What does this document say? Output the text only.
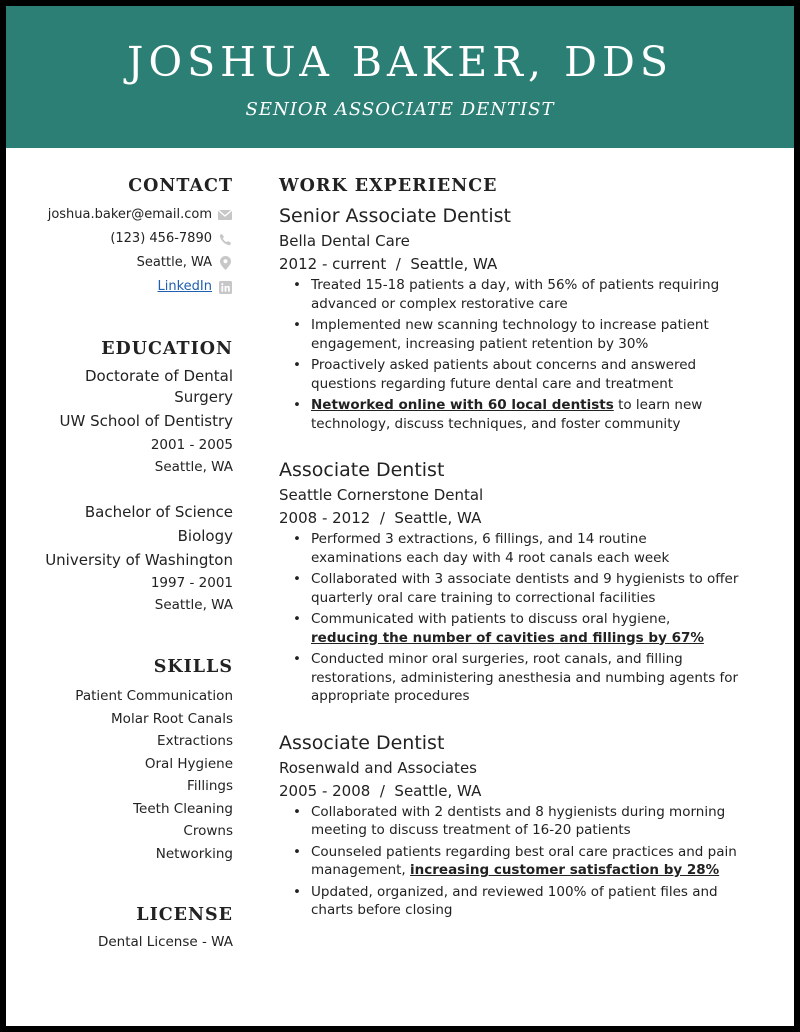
JOSHUA BAKER, DDS
SENIOR ASSOCIATE DENTIST
CONTACT
joshua.baker@email.com
(123) 456-7890
Seattle, WA
LinkedIn
EDUCATION
Doctorate of Dental
Surgery
UW School of Dentistry
2001 - 2005
Seattle, WA
Bachelor of Science
Biology
University of Washington
1997 - 2001
Seattle, WA
SKILLS
Patient Communication
Molar Root Canals
Extractions
Oral Hygiene
Fillings
Teeth Cleaning
Crowns
Networking
LICENSE
Dental License - WA
WORK EXPERIENCE
Senior Associate Dentist
Bella Dental Care
2012 - current  /  Seattle, WA
• Treated 15-18 patients a day, with 56% of patients requiring advanced or complex restorative care
• Implemented new scanning technology to increase patient engagement, increasing patient retention by 30%
• Proactively asked patients about concerns and answered questions regarding future dental care and treatment
• Networked online with 60 local dentists to learn new technology, discuss techniques, and foster community
Associate Dentist
Seattle Cornerstone Dental
2008 - 2012  /  Seattle, WA
• Performed 3 extractions, 6 fillings, and 14 routine examinations each day with 4 root canals each week
• Collaborated with 3 associate dentists and 9 hygienists to offer quarterly oral care training to correctional facilities
• Communicated with patients to discuss oral hygiene, reducing the number of cavities and fillings by 67%
• Conducted minor oral surgeries, root canals, and filling restorations, administering anesthesia and numbing agents for appropriate procedures
Associate Dentist
Rosenwald and Associates
2005 - 2008  /  Seattle, WA
• Collaborated with 2 dentists and 8 hygienists during morning meeting to discuss treatment of 16-20 patients
• Counseled patients regarding best oral care practices and pain management, increasing customer satisfaction by 28%
• Updated, organized, and reviewed 100% of patient files and charts before closing
